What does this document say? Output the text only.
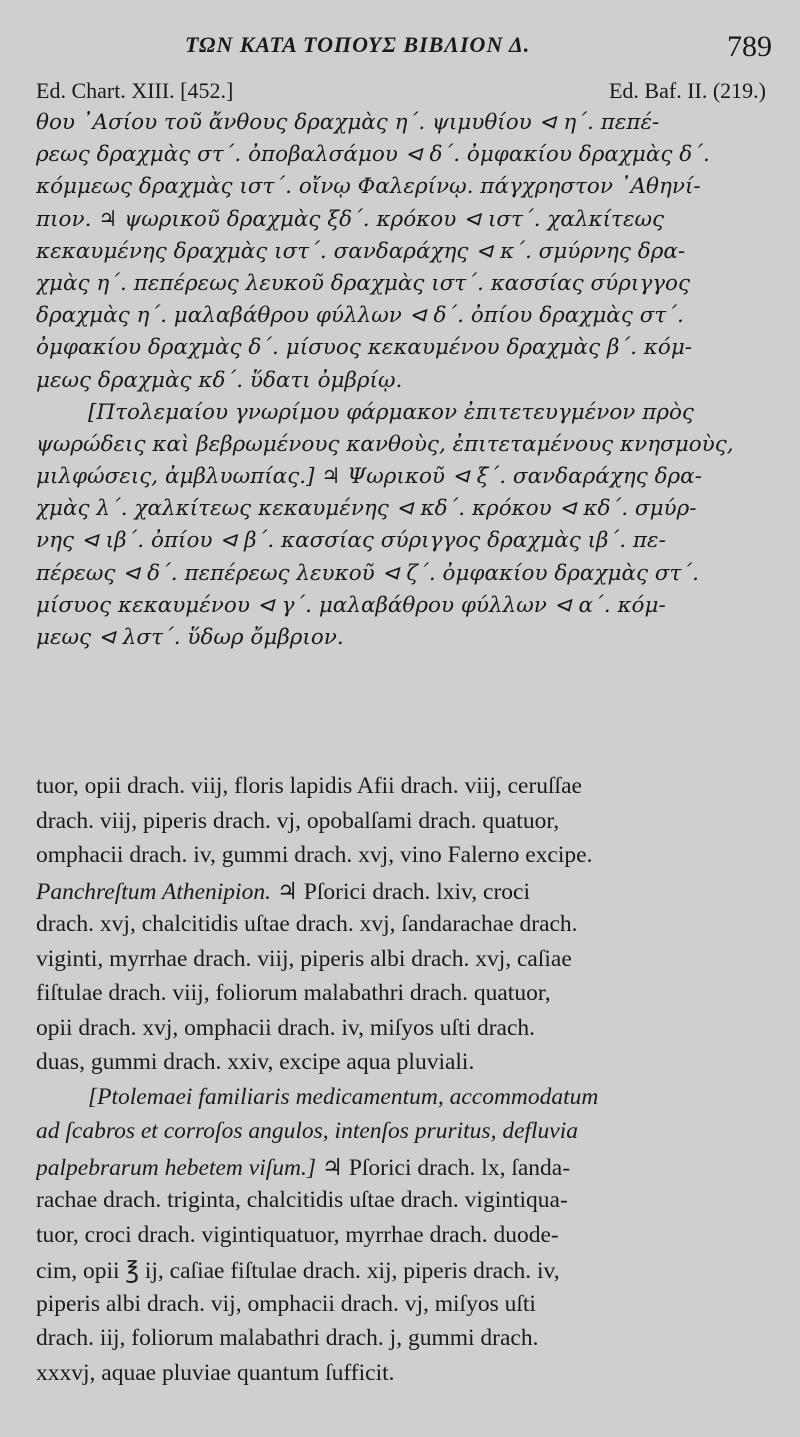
ΤΩΝ ΚΑΤΑ ΤΟΠΟΥΣ ΒΙΒΛΙΟΝ Δ.	789
Ed. Chart. XIII. [452.]	Ed. Baf. II. (219.)
θου ᾿Ασίου τοῦ ἄνθους δραχμὰς η΄. ψιμυθίου ⊲ η΄. πεπέ-
ρεως δραχμὰς στ΄. ὀποβαλσάμου ⊲ δ΄. ὀμφακίου δραχμὰς δ΄.
κόμμεως δραχμὰς ιστ΄. οἴνῳ Φαλερίνῳ. πάγχρηστον ᾿Αθηνί-
πιον. ♃ ψωρικοῦ δραχμὰς ξδ΄. κρόκου ⊲ ιστ΄. χαλκίτεως
κεκαυμένης δραχμὰς ιστ΄. σανδαράχης ⊲ κ΄. σμύρνης δρα-
χμὰς η΄. πεπέρεως λευκοῦ δραχμὰς ιστ΄. κασσίας σύριγγος
δραχμὰς η΄. μαλαβάθρου φύλλων ⊲ δ΄. ὀπίου δραχμὰς στ΄.
ὀμφακίου δραχμὰς δ΄. μίσυος κεκαυμένου δραχμὰς β΄. κόμ-
μεως δραχμὰς κδ΄. ὕδατι ὀμβρίῳ.
[Πτολεμαίου γνωρίμου φάρμακον ἐπιτετευγμένον πρὸς
ψωρώδεις καὶ βεβρωμένους κανθοὺς, ἐπιτεταμένους κνησμοὺς,
μιλφώσεις, ἀμβλυωπίας.] ♃ Ψωρικοῦ ⊲ ξ΄. σανδαράχης δρα-
χμὰς λ΄. χαλκίτεως κεκαυμένης ⊲ κδ΄. κρόκου ⊲ κδ΄. σμύρ-
νης ⊲ ιβ΄. ὀπίου ⊲ β΄. κασσίας σύριγγος δραχμὰς ιβ΄. πε-
πέρεως ⊲ δ΄. πεπέρεως λευκοῦ ⊲ ζ΄. ὀμφακίου δραχμὰς στ΄.
μίσυος κεκαυμένου ⊲ γ΄. μαλαβάθρου φύλλων ⊲ α΄. κόμ-
μεως ⊲ λστ΄. ὕδωρ ὄμβριον.
tuor, opii drach. viij, floris lapidis Afii drach. viij, ceruſſae
drach. viij, piperis drach. vj, opobalſami drach. quatuor,
omphacii drach. iv, gummi drach. xvj, vino Falerno excipe.
Panchreſtum Athenipion. ♃ Pſorici drach. lxiv, croci
drach. xvj, chalcitidis uſtae drach. xvj, ſandarachae drach.
viginti, myrrhae drach. viij, piperis albi drach. xvj, caſiae
fiſtulae drach. viij, foliorum malabathri drach. quatuor,
opii drach. xvj, omphacii drach. iv, miſyos uſti drach.
duas, gummi drach. xxiv, excipe aqua pluviali.
[Ptolemaei familiaris medicamentum, accommodatum
ad ſcabros et corroſos angulos, intenſos pruritus, defluvia
palpebrarum hebetem viſum.] ♃ Pſorici drach. lx, ſanda-
rachae drach. triginta, chalcitidis uſtae drach. vigintiqua-
tuor, croci drach. vigintiquatuor, myrrhae drach. duode-
cim, opii ℥ ij, caſiae fiſtulae drach. xij, piperis drach. iv,
piperis albi drach. vij, omphacii drach. vj, miſyos uſti
drach. iij, foliorum malabathri drach. j, gummi drach.
xxxvj, aquae pluviae quantum ſufficit.
